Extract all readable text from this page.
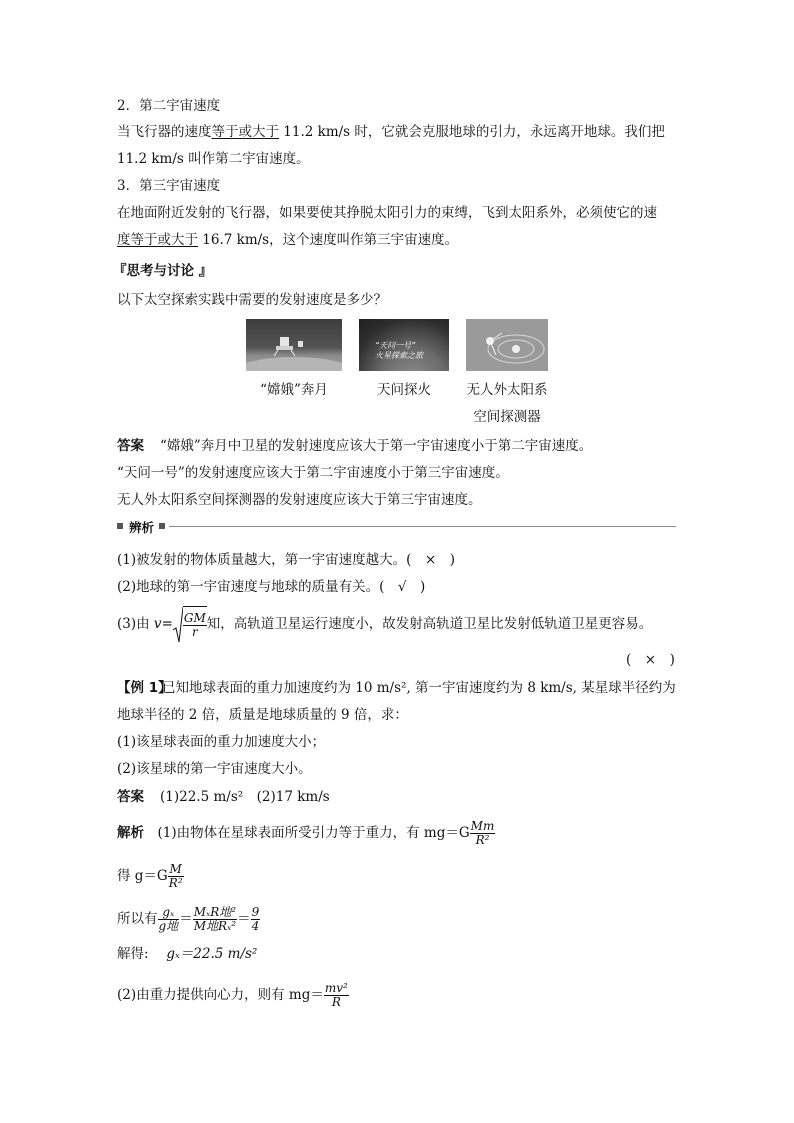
2．第二宇宙速度
当飞行器的速度等于或大于 11.2 km/s 时，它就会克服地球的引力，永远离开地球。我们把
11.2 km/s 叫作第二宇宙速度。
3．第三宇宙速度
在地面附近发射的飞行器，如果要使其挣脱太阳引力的束缚，飞到太阳系外，必须使它的速
度等于或大于 16.7 km/s，这个速度叫作第三宇宙速度。
『思考与讨论 』
以下太空探索实践中需要的发射速度是多少？
“天问一号”
火星探索之旅
“嫦娥”奔月	天问探火	无人外太阳系
空间探测器
答案 “嫦娥”奔月中卫星的发射速度应该大于第一宇宙速度小于第二宇宙速度。
“天问一号”的发射速度应该大于第二宇宙速度小于第三宇宙速度。
无人外太阳系空间探测器的发射速度应该大于第三宇宙速度。
辨析
(1)被发射的物体质量越大，第一宇宙速度越大。(　×　)
(2)地球的第一宇宙速度与地球的质量有关。(　√　)
(3)由 $v= \frac{GM}{r}$ 知，高轨道卫星运行速度小，故发射高轨道卫星比发射低轨道卫星更容易。
(　×　)
【例 1】
已知地球表面的重力加速度约为 10 m/s², 第一宇宙速度约为 8 km/s, 某星球半径约为
地球半径的 2 倍，质量是地球质量的 9 倍，求：
(1)该星球表面的重力加速度大小；
(2)该星球的第一宇宙速度大小。
答案 (1)22.5 m/s²　(2)17 km/s
解析　 (1)由物体在星球表面所受引力等于重力，有 $mg=G \frac{Mm}{\text{R²}}$
得 $g=G \frac{M}{\text{R²}}$
所以有 $\frac{\text{gₓ}}{\text{g地}} = \frac{\text{MₓR地²}}{\text{M地Rₓ²}} = \frac{9}{4}$
解得:　 gₓ＝22.5 m/s²
(2)由重力提供向心力，则有 $mg= \frac{\text{mv²}}{R}$
